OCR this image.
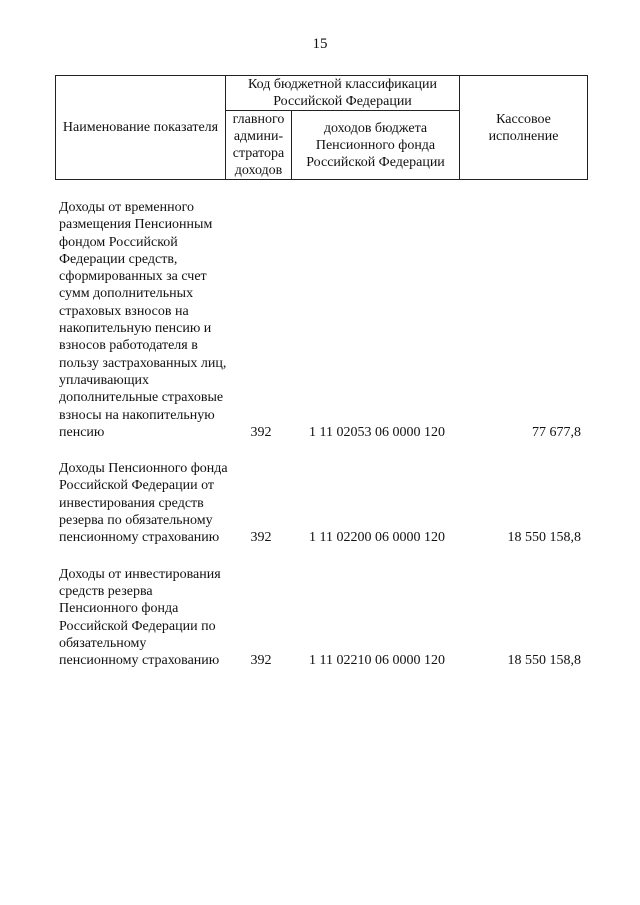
15
Наименование показателя	Код бюджетной классификации Российской Федерации		Кассовое исполнение
	главного админи-стратора доходов	доходов бюджета Пенсионного фонда Российской Федерации	
Доходы от временного размещения Пенсионным фондом Российской Федерации средств, сформированных за счет сумм дополнительных страховых взносов на накопительную пенсию и взносов работодателя в пользу застрахованных лиц, уплачивающих дополнительные страховые взносы на накопительную пенсию	392	1 11 02053 06 0000 120	77 677,8
Доходы Пенсионного фонда Российской Федерации от инвестирования средств резерва по обязательному пенсионному страхованию	392	1 11 02200 06 0000 120	18 550 158,8
Доходы от инвестирования средств резерва Пенсионного фонда Российской Федерации по обязательному пенсионному страхованию	392	1 11 02210 06 0000 120	18 550 158,8
